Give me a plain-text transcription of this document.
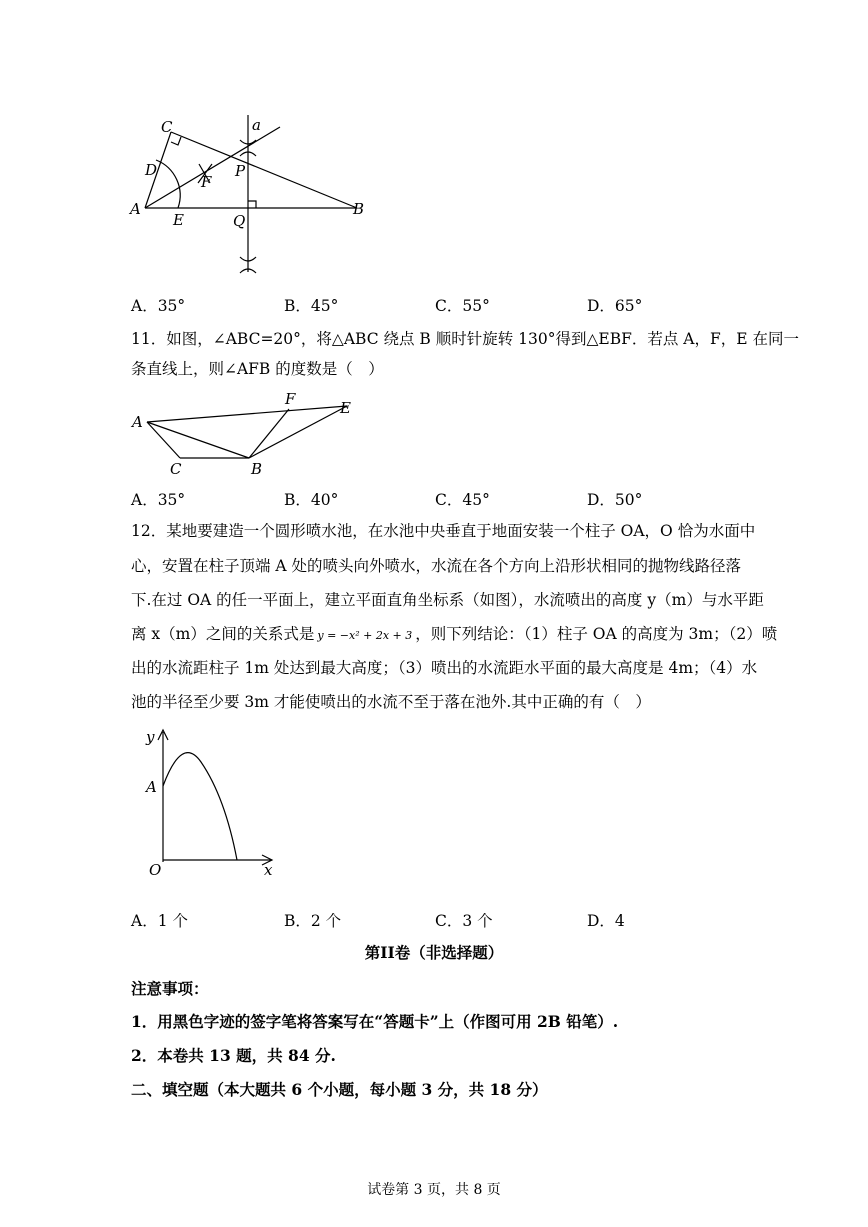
C
D
F
P
a
A
E	Q
B
A．35°	B．45°	C．55°	D．65°
11．如图，∠ABC=20°，将△ABC 绕点 B 顺时针旋转 130°得到△EBF．若点 A，F，E 在同一
条直线上，则∠AFB 的度数是（　）
A
F	E
C	B
A．35°	B．40°	C．45°	D．50°
12．某地要建造一个圆形喷水池，在水池中央垂直于地面安装一个柱子 OA，O 恰为水面中
心，安置在柱子顶端 A 处的喷头向外喷水，水流在各个方向上沿形状相同的抛物线路径落
下.在过 OA 的任一平面上，建立平面直角坐标系（如图），水流喷出的高度 y（m）与水平距
离 x（m）之间的关系式是 y = −x² + 2x + 3 ，则下列结论：（1）柱子 OA 的高度为 3m；（2）喷
出的水流距柱子 1m 处达到最大高度；（3）喷出的水流距水平面的最大高度是 4m；（4）水
池的半径至少要 3m 才能使喷出的水流不至于落在池外.其中正确的有（　）
y
A
O	x
A．1 个	B．2 个	C．3 个	D．4
第II卷（非选择题）
注意事项：
1．用黑色字迹的签字笔将答案写在“答题卡”上（作图可用 2B 铅笔）.
2．本卷共 13 题，共 84 分.
二、填空题（本大题共 6 个小题，每小题 3 分，共 18 分）
试卷第 3 页，共 8 页
